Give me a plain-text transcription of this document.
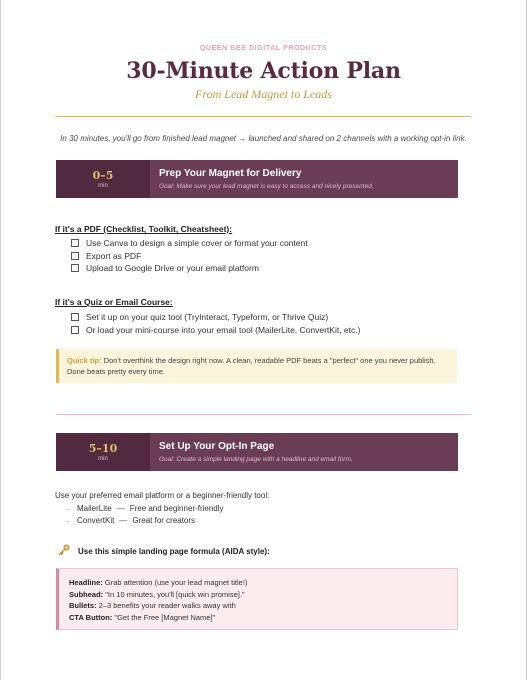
QUEEN BEE DIGITAL PRODUCTS
30-Minute Action Plan
From Lead Magnet to Leads
In 30 minutes, you'll go from finished lead magnet → launched and shared on 2 channels with a working opt-in link.
0–5
min
Prep Your Magnet for Delivery
Goal: Make sure your lead magnet is easy to access and nicely presented.
If it's a PDF (Checklist, Toolkit, Cheatsheet):
Use Canva to design a simple cover or format your content
Export as PDF
Upload to Google Drive or your email platform
If it's a Quiz or Email Course:
Set it up on your quiz tool (TryInteract, Typeform, or Thrive Quiz)
Or load your mini-course into your email tool (MailerLite, ConvertKit, etc.)
Quick tip: Don't overthink the design right now. A clean, readable PDF beats a "perfect" one you never publish. Done beats pretty every time.
5–10
min
Set Up Your Opt-In Page
Goal: Create a simple landing page with a headline and email form.
Use your preferred email platform or a beginner-friendly tool:
→ MailerLite — Free and beginner-friendly
→ ConvertKit — Great for creators
Use this simple landing page formula (AIDA style):
Headline: Grab attention (use your lead magnet title!)
Subhead: "In 10 minutes, you'll [quick win promise]."
Bullets: 2–3 benefits your reader walks away with
CTA Button: "Get the Free [Magnet Name]"
